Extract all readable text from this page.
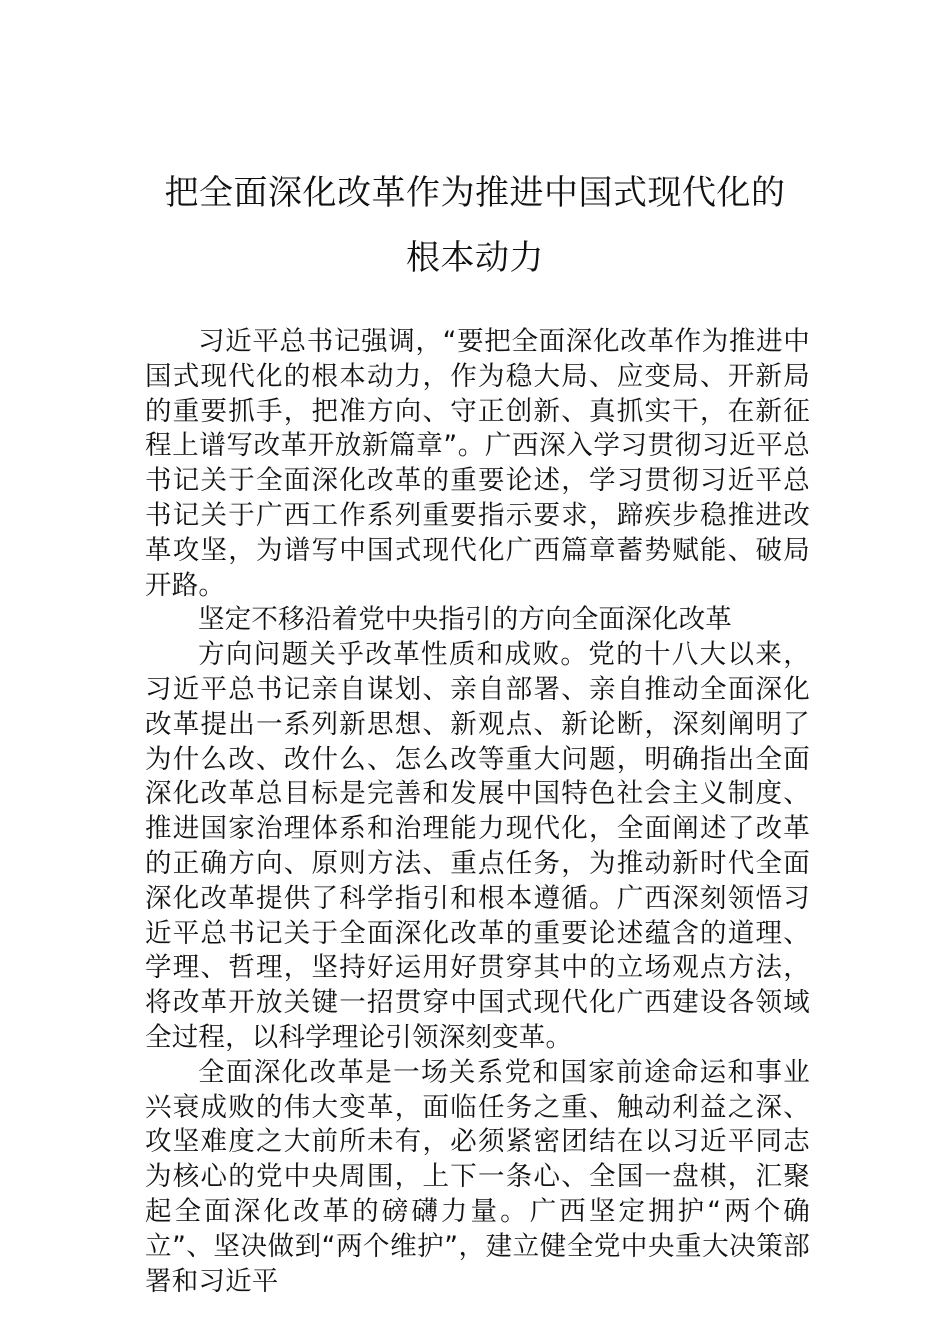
把全面深化改革作为推进中国式现代化的
根本动力

习近平总书记强调，“要把全面深化改革作为推进中国式现代化的根本动力，作为稳大局、应变局、开新局的重要抓手，把准方向、守正创新、真抓实干，在新征程上谱写改革开放新篇章”。广西深入学习贯彻习近平总书记关于全面深化改革的重要论述，学习贯彻习近平总书记关于广西工作系列重要指示要求，蹄疾步稳推进改革攻坚，为谱写中国式现代化广西篇章蓄势赋能、破局开路。

坚定不移沿着党中央指引的方向全面深化改革

方向问题关乎改革性质和成败。党的十八大以来，习近平总书记亲自谋划、亲自部署、亲自推动全面深化改革提出一系列新思想、新观点、新论断，深刻阐明了为什么改、改什么、怎么改等重大问题，明确指出全面深化改革总目标是完善和发展中国特色社会主义制度、推进国家治理体系和治理能力现代化，全面阐述了改革的正确方向、原则方法、重点任务，为推动新时代全面深化改革提供了科学指引和根本遵循。广西深刻领悟习近平总书记关于全面深化改革的重要论述蕴含的道理、学理、哲理，坚持好运用好贯穿其中的立场观点方法，将改革开放关键一招贯穿中国式现代化广西建设各领域全过程，以科学理论引领深刻变革。

全面深化改革是一场关系党和国家前途命运和事业兴衰成败的伟大变革，面临任务之重、触动利益之深、攻坚难度之大前所未有，必须紧密团结在以习近平同志为核心的党中央周围，上下一条心、全国一盘棋，汇聚起全面深化改革的磅礴力量。广西坚定拥护“两个确立”、坚决做到“两个维护”，建立健全党中央重大决策部署和习近平
